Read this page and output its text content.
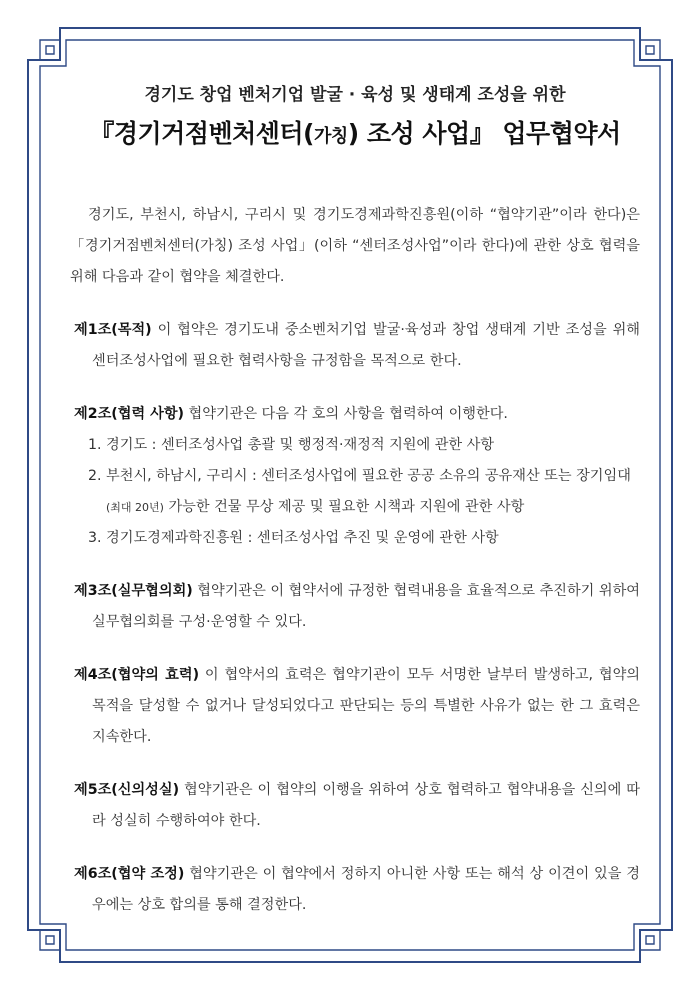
경기도 창업 벤처기업 발굴 · 육성 및 생태계 조성을 위한

『경기거점벤처센터(가칭) 조성 사업』 업무협약서

경기도, 부천시, 하남시, 구리시 및 경기도경제과학진흥원(이하 “협약기관”이라 한다)은 「경기거점벤처센터(가칭) 조성 사업」(이하 “센터조성사업”이라 한다)에 관한 상호 협력을 위해 다음과 같이 협약을 체결한다.
제1조(목적) 이 협약은 경기도내 중소벤처기업 발굴·육성과 창업 생태계 기반 조성을 위해 센터조성사업에 필요한 협력사항을 규정함을 목적으로 한다.
제2조(협력 사항) 협약기관은 다음 각 호의 사항을 협력하여 이행한다.
1. 경기도 : 센터조성사업 총괄 및 행정적·재정적 지원에 관한 사항
2. 부천시, 하남시, 구리시 : 센터조성사업에 필요한 공공 소유의 공유재산 또는 장기임대(최대 20년) 가능한 건물 무상 제공 및 필요한 시책과 지원에 관한 사항
3. 경기도경제과학진흥원 : 센터조성사업 추진 및 운영에 관한 사항
제3조(실무협의회) 협약기관은 이 협약서에 규정한 협력내용을 효율적으로 추진하기 위하여 실무협의회를 구성·운영할 수 있다.
제4조(협약의 효력) 이 협약서의 효력은 협약기관이 모두 서명한 날부터 발생하고, 협약의 목적을 달성할 수 없거나 달성되었다고 판단되는 등의 특별한 사유가 없는 한 그 효력은 지속한다.
제5조(신의성실) 협약기관은 이 협약의 이행을 위하여 상호 협력하고 협약내용을 신의에 따라 성실히 수행하여야 한다.
제6조(협약 조정) 협약기관은 이 협약에서 정하지 아니한 사항 또는 해석 상 이견이 있을 경우에는 상호 합의를 통해 결정한다.
